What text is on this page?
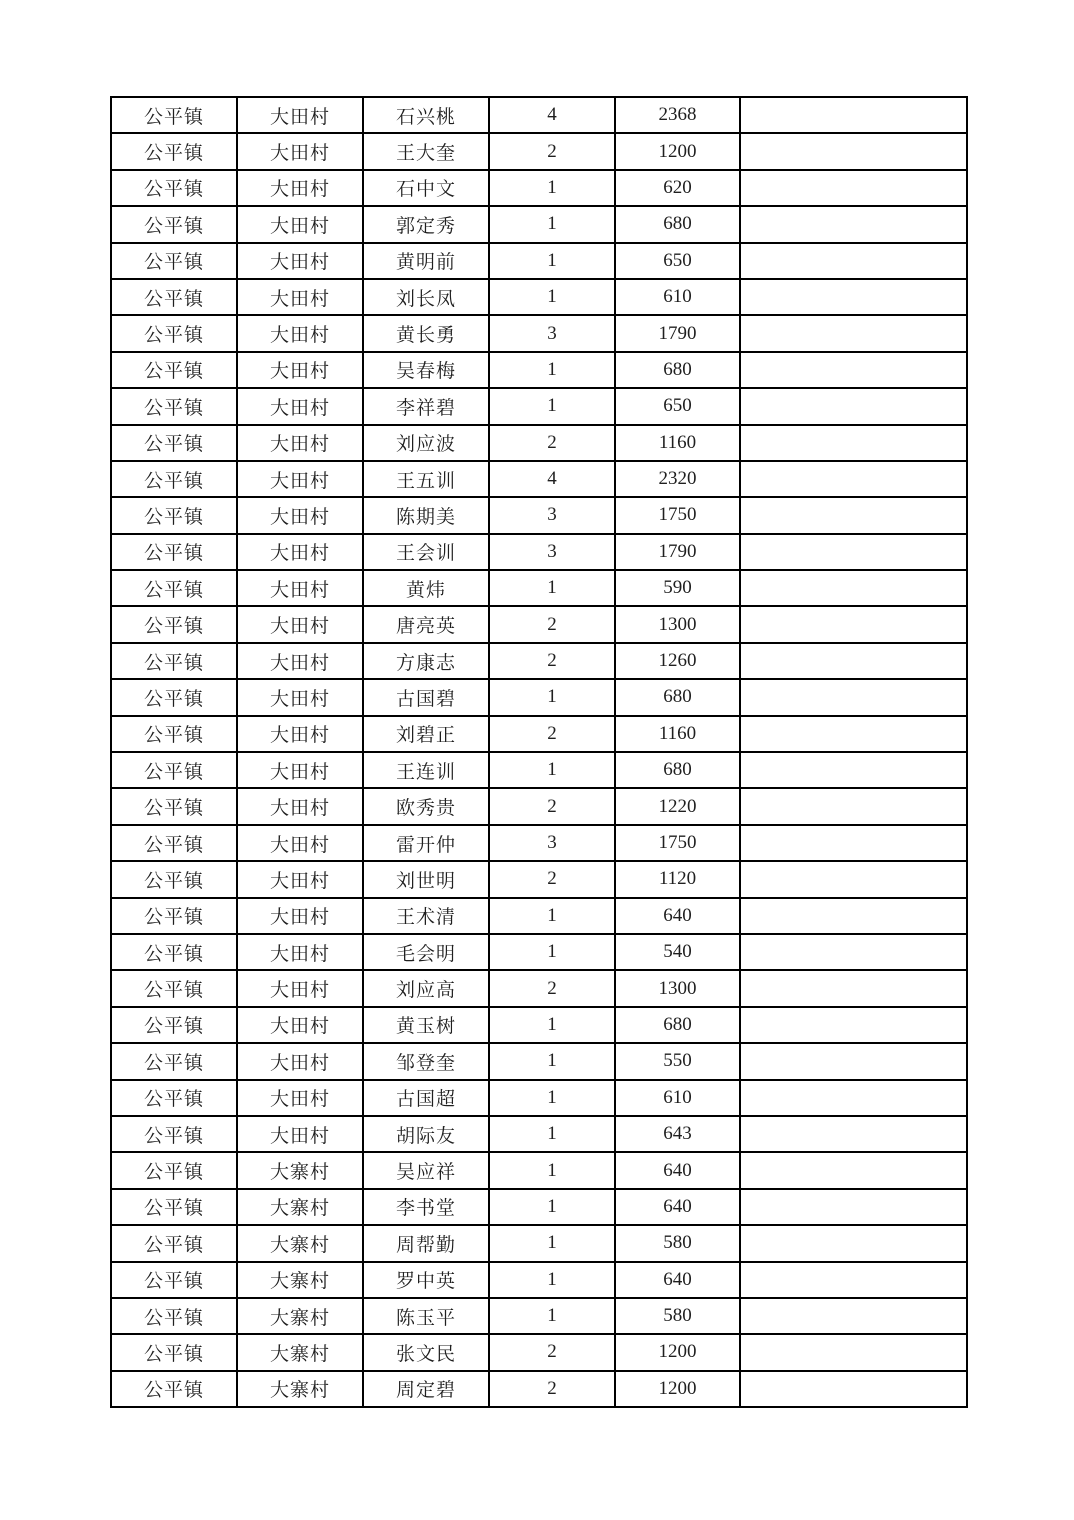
公平镇	大田村	石兴桃	4	2368	
公平镇	大田村	王大奎	2	1200	
公平镇	大田村	石中文	1	620	
公平镇	大田村	郭定秀	1	680	
公平镇	大田村	黄明前	1	650	
公平镇	大田村	刘长凤	1	610	
公平镇	大田村	黄长勇	3	1790	
公平镇	大田村	吴春梅	1	680	
公平镇	大田村	李祥碧	1	650	
公平镇	大田村	刘应波	2	1160	
公平镇	大田村	王五训	4	2320	
公平镇	大田村	陈期美	3	1750	
公平镇	大田村	王会训	3	1790	
公平镇	大田村	黄炜	1	590	
公平镇	大田村	唐亮英	2	1300	
公平镇	大田村	方康志	2	1260	
公平镇	大田村	古国碧	1	680	
公平镇	大田村	刘碧正	2	1160	
公平镇	大田村	王连训	1	680	
公平镇	大田村	欧秀贵	2	1220	
公平镇	大田村	雷开仲	3	1750	
公平镇	大田村	刘世明	2	1120	
公平镇	大田村	王术清	1	640	
公平镇	大田村	毛会明	1	540	
公平镇	大田村	刘应高	2	1300	
公平镇	大田村	黄玉树	1	680	
公平镇	大田村	邹登奎	1	550	
公平镇	大田村	古国超	1	610	
公平镇	大田村	胡际友	1	643	
公平镇	大寨村	吴应祥	1	640	
公平镇	大寨村	李书堂	1	640	
公平镇	大寨村	周帮勤	1	580	
公平镇	大寨村	罗中英	1	640	
公平镇	大寨村	陈玉平	1	580	
公平镇	大寨村	张文民	2	1200	
公平镇	大寨村	周定碧	2	1200	
